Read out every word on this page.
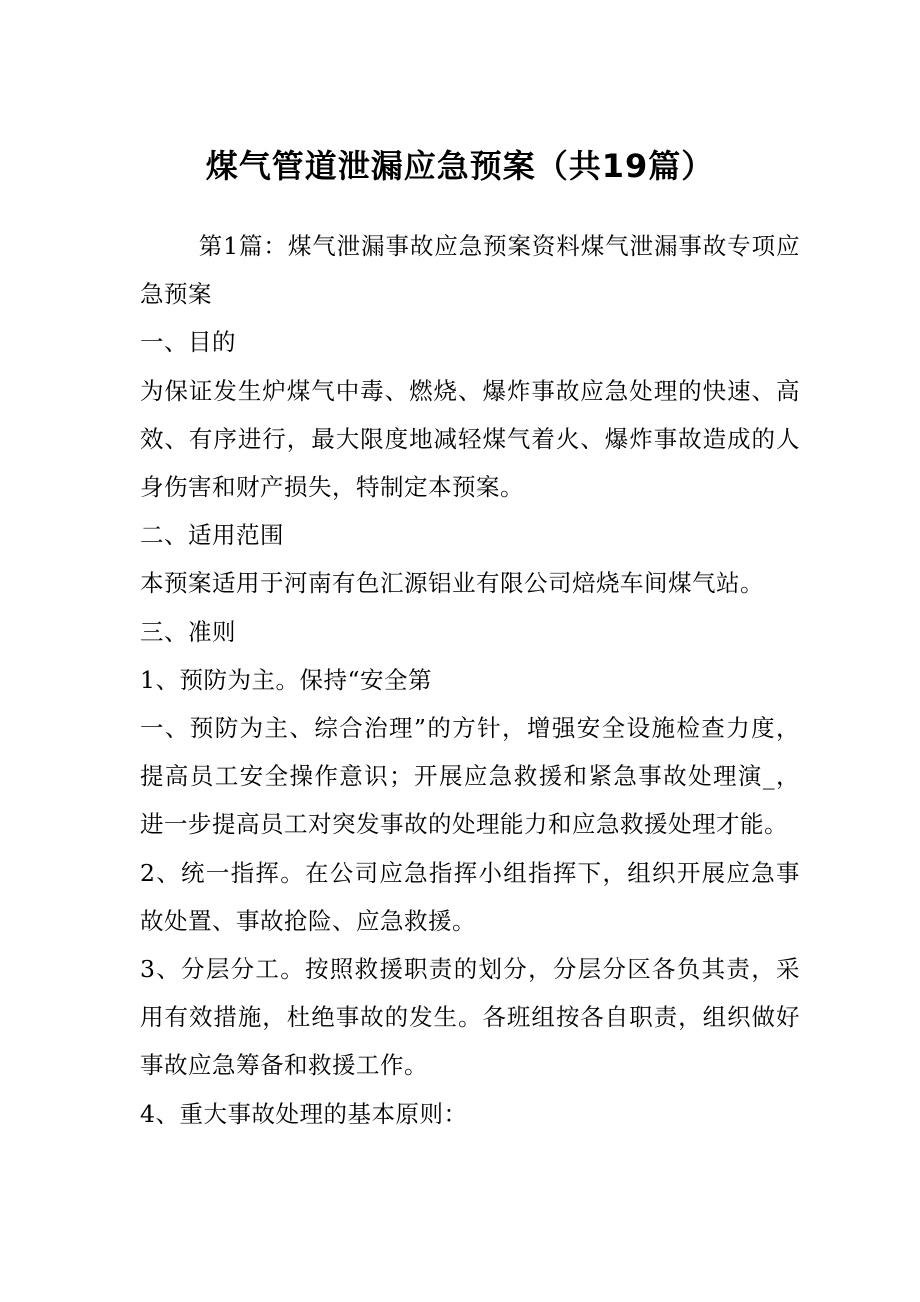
煤气管道泄漏应急预案（共19篇）

第1篇：煤气泄漏事故应急预案资料煤气泄漏事故专项应急预案

一、目的

为保证发生炉煤气中毒、燃烧、爆炸事故应急处理的快速、高效、有序进行，最大限度地减轻煤气着火、爆炸事故造成的人身伤害和财产损失，特制定本预案。

二、适用范围

本预案适用于河南有色汇源铝业有限公司焙烧车间煤气站。

三、准则

1、预防为主。保持“安全第

一、预防为主、综合治理”的方针，增强安全设施检查力度，提高员工安全操作意识；开展应急救援和紧急事故处理演_，进一步提高员工对突发事故的处理能力和应急救援处理才能。

2、统一指挥。在公司应急指挥小组指挥下，组织开展应急事故处置、事故抢险、应急救援。

3、分层分工。按照救援职责的划分，分层分区各负其责，采用有效措施，杜绝事故的发生。各班组按各自职责，组织做好事故应急筹备和救援工作。

4、重大事故处理的基本原则：
